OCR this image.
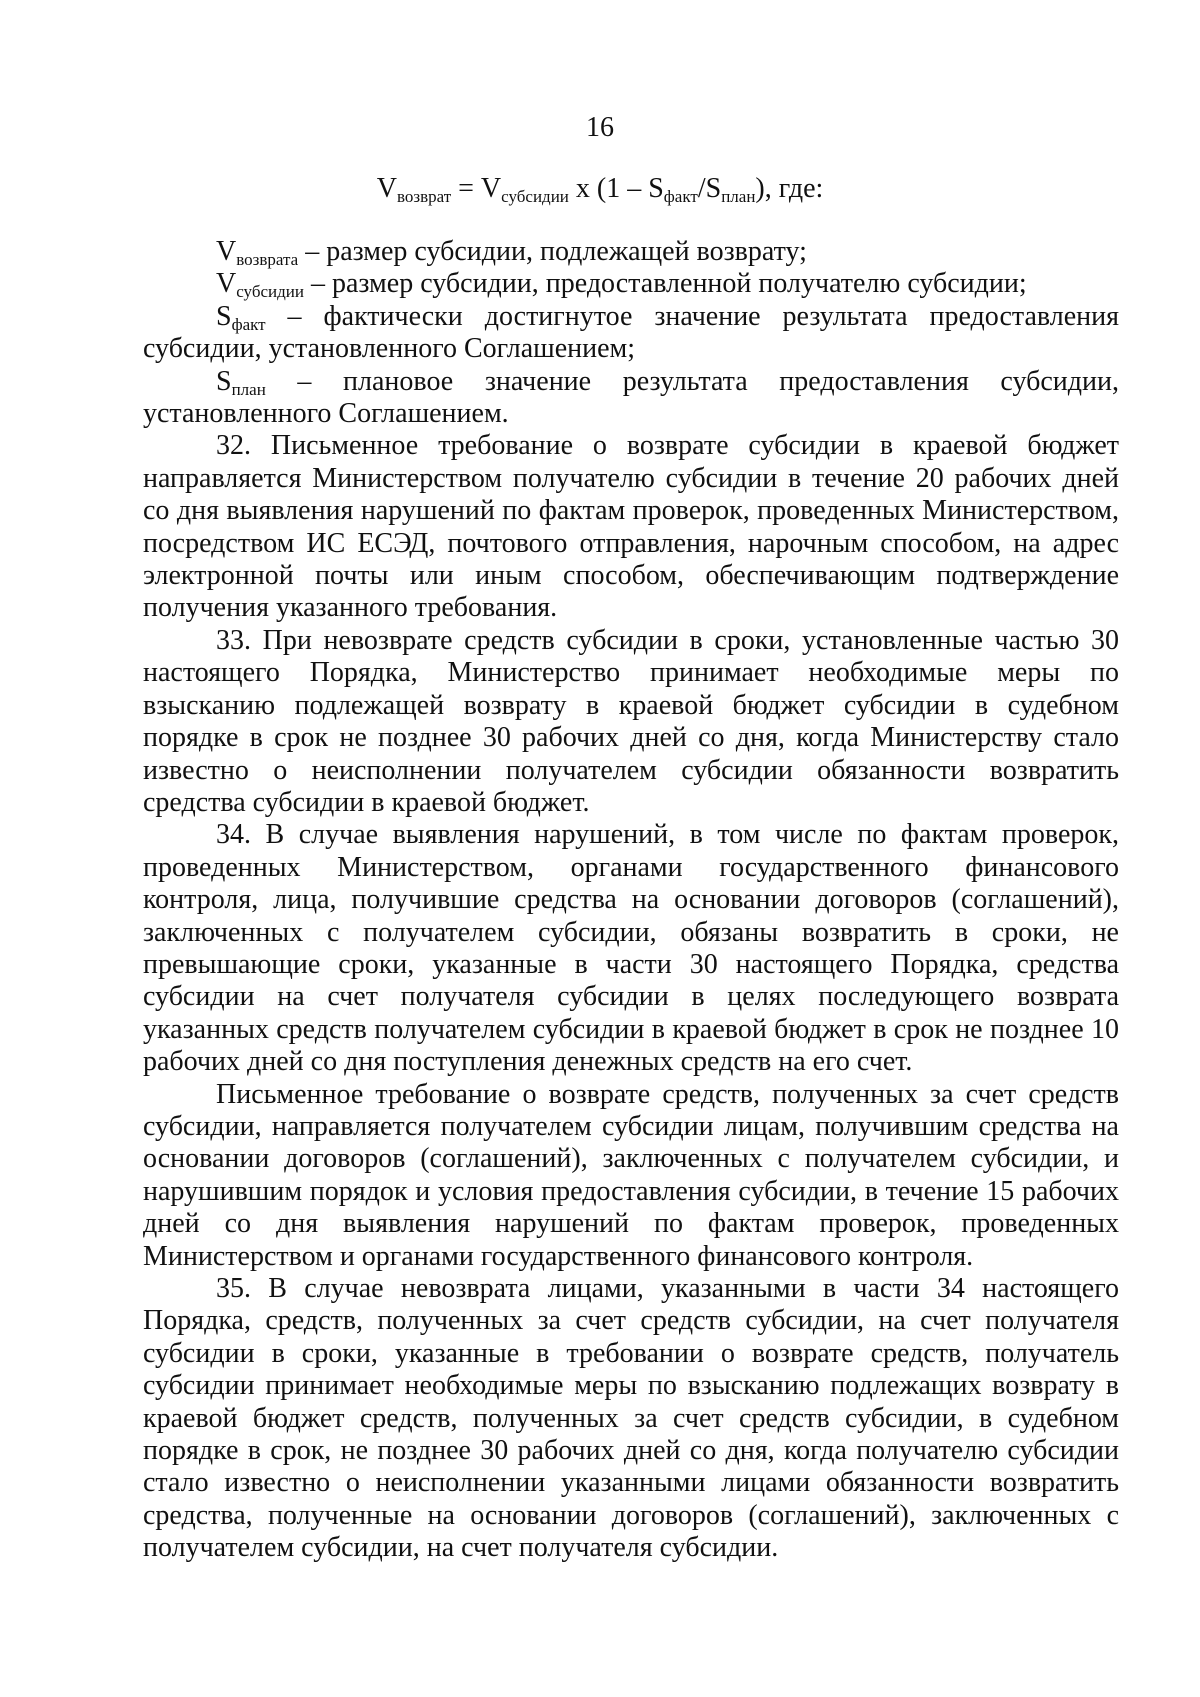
16
$V_{возврат} = V_{субсидии}$ x $(1 - S_{факт}/S_{план})$, где:

$V_{возврата}$ – размер субсидии, подлежащей возврату;

$V_{субсидии}$ – размер субсидии, предоставленной получателю субсидии;

$S_{факт}$ – фактически достигнутое значение результата предоставления субсидии, установленного Соглашением;

$S_{план}$ – плановое значение результата предоставления субсидии, установленного Соглашением.

32. Письменное требование о возврате субсидии в краевой бюджет направляется Министерством получателю субсидии в течение 20 рабочих дней со дня выявления нарушений по фактам проверок, проведенных Министерством, посредством ИС ЕСЭД, почтового отправления, нарочным способом, на адрес электронной почты или иным способом, обеспечивающим подтверждение получения указанного требования.

33. При невозврате средств субсидии в сроки, установленные частью 30 настоящего Порядка, Министерство принимает необходимые меры по взысканию подлежащей возврату в краевой бюджет субсидии в судебном порядке в срок не позднее 30 рабочих дней со дня, когда Министерству стало известно о неисполнении получателем субсидии обязанности возвратить средства субсидии в краевой бюджет.

34. В случае выявления нарушений, в том числе по фактам проверок, проведенных Министерством, органами государственного финансового контроля, лица, получившие средства на основании договоров (соглашений), заключенных с получателем субсидии, обязаны возвратить в сроки, не превышающие сроки, указанные в части 30 настоящего Порядка, средства субсидии на счет получателя субсидии в целях последующего возврата указанных средств получателем субсидии в краевой бюджет в срок не позднее 10 рабочих дней со дня поступления денежных средств на его счет.

Письменное требование о возврате средств, полученных за счет средств субсидии, направляется получателем субсидии лицам, получившим средства на основании договоров (соглашений), заключенных с получателем субсидии, и нарушившим порядок и условия предоставления субсидии, в течение 15 рабочих дней со дня выявления нарушений по фактам проверок, проведенных Министерством и органами государственного финансового контроля.

35. В случае невозврата лицами, указанными в части 34 настоящего Порядка, средств, полученных за счет средств субсидии, на счет получателя субсидии в сроки, указанные в требовании о возврате средств, получатель субсидии принимает необходимые меры по взысканию подлежащих возврату в краевой бюджет средств, полученных за счет средств субсидии, в судебном порядке в срок, не позднее 30 рабочих дней со дня, когда получателю субсидии стало известно о неисполнении указанными лицами обязанности возвратить средства, полученные на основании договоров (соглашений), заключенных с получателем субсидии, на счет получателя субсидии.
